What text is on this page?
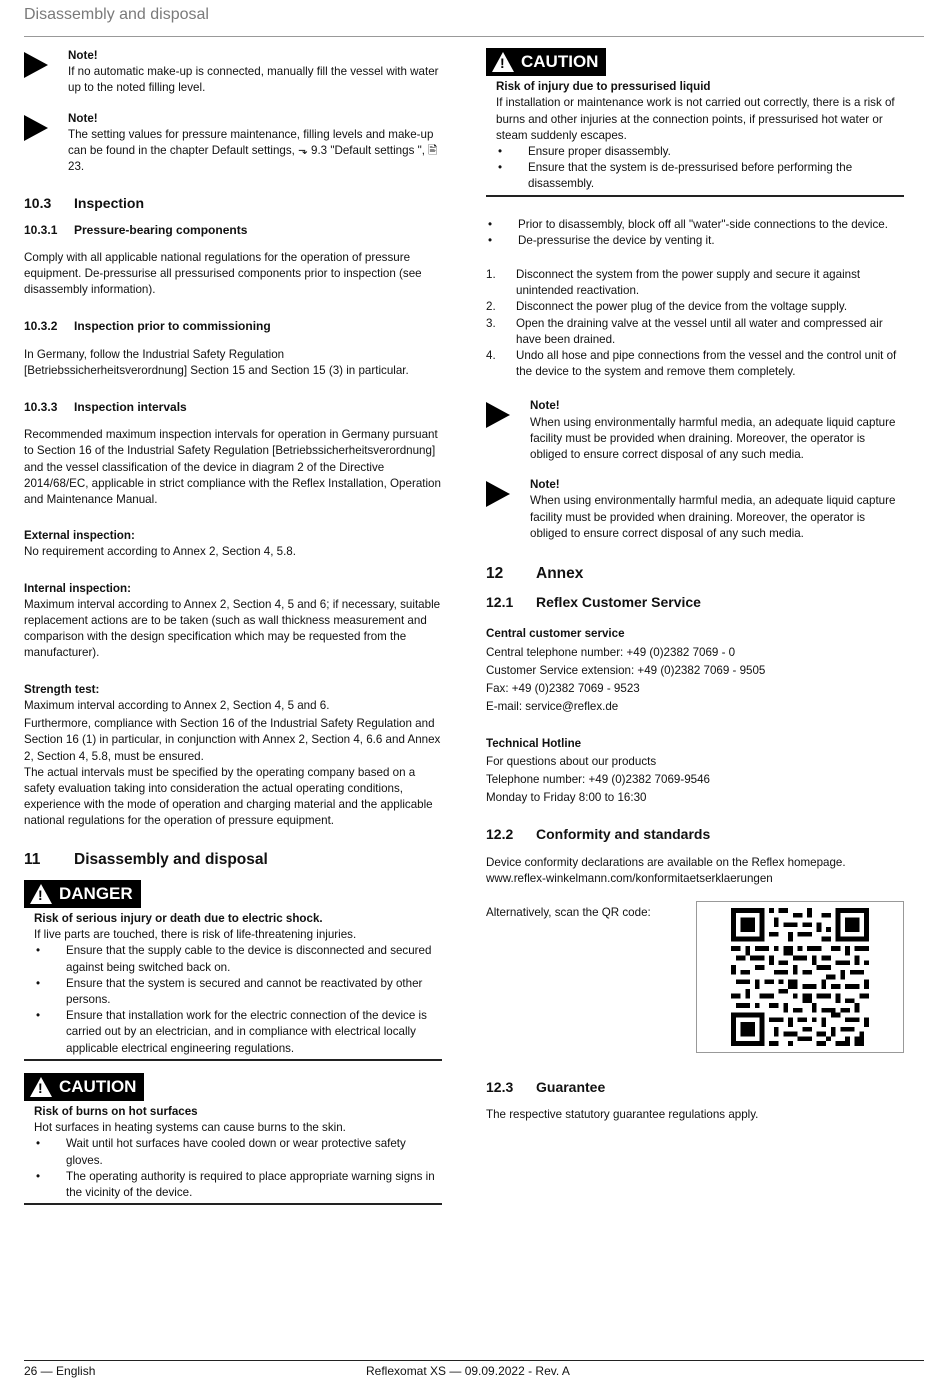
Disassembly and disposal
Note!

If no automatic make-up is connected, manually fill the vessel with water up to the noted filling level.

Note!

The setting values for pressure maintenance, filling levels and make-up can be found in the chapter Default settings, ⬎ 9.3 "Default settings ", 🖹 23.

10.3	Inspection
10.3.1	Pressure-bearing components

Comply with all applicable national regulations for the operation of pressure equipment. De-pressurise all pressurised components prior to inspection (see disassembly information).

10.3.2	Inspection prior to commissioning

In Germany, follow the Industrial Safety Regulation [Betriebssicherheitsverordnung] Section 15 and Section 15 (3) in particular.

10.3.3	Inspection intervals

Recommended maximum inspection intervals for operation in Germany pursuant to Section 16 of the Industrial Safety Regulation [Betriebssicherheitsverordnung] and the vessel classification of the device in diagram 2 of the Directive 2014/68/EC, applicable in strict compliance with the Reflex Installation, Operation and Maintenance Manual.

External inspection:

No requirement according to Annex 2, Section 4, 5.8.

Internal inspection:

Maximum interval according to Annex 2, Section 4, 5 and 6; if necessary, suitable replacement actions are to be taken (such as wall thickness measurement and comparison with the design specification which may be requested from the manufacturer).

Strength test:

Maximum interval according to Annex 2, Section 4, 5 and 6.

Furthermore, compliance with Section 16 of the Industrial Safety Regulation and Section 16 (1) in particular, in conjunction with Annex 2, Section 4, 6.6 and Annex 2, Section 4, 5.8, must be ensured.

The actual intervals must be specified by the operating company based on a safety evaluation taking into consideration the actual operating conditions, experience with the mode of operation and charging material and the applicable national regulations for the operation of pressure equipment.

11	Disassembly and disposal
!
DANGER
Risk of serious injury or death due to electric shock.

If live parts are touched, there is risk of life-threatening injuries.

•	Ensure that the supply cable to the device is disconnected and secured against being switched back on.
•	Ensure that the system is secured and cannot be reactivated by other persons.
•	Ensure that installation work for the electric connection of the device is carried out by an electrician, and in compliance with electrical locally applicable electrical engineering regulations.
!
CAUTION
Risk of burns on hot surfaces

Hot surfaces in heating systems can cause burns to the skin.

•	Wait until hot surfaces have cooled down or wear protective safety gloves.
•	The operating authority is required to place appropriate warning signs in the vicinity of the device.
!
CAUTION
Risk of injury due to pressurised liquid

If installation or maintenance work is not carried out correctly, there is a risk of burns and other injuries at the connection points, if pressurised hot water or steam suddenly escapes.

•	Ensure proper disassembly.
•	Ensure that the system is de-pressurised before performing the disassembly.
•	Prior to disassembly, block off all "water"-side connections to the device.
•	De-pressurise the device by venting it.
1.	Disconnect the system from the power supply and secure it against unintended reactivation.
2.	Disconnect the power plug of the device from the voltage supply.
3.	Open the draining valve at the vessel until all water and compressed air have been drained.
4.	Undo all hose and pipe connections from the vessel and the control unit of the device to the system and remove them completely.
Note!

When using environmentally harmful media, an adequate liquid capture facility must be provided when draining. Moreover, the operator is obliged to ensure correct disposal of any such media.

Note!

When using environmentally harmful media, an adequate liquid capture facility must be provided when draining. Moreover, the operator is obliged to ensure correct disposal of any such media.

12	Annex
12.1	Reflex Customer Service
Central customer service
Central telephone number: +49 (0)2382 7069 - 0
Customer Service extension: +49 (0)2382 7069 - 9505
Fax: +49 (0)2382 7069 - 9523
E-mail: service@reflex.de
Technical Hotline
For questions about our products
Telephone number: +49 (0)2382 7069-9546
Monday to Friday 8:00 to 16:30
12.2	Conformity and standards

Device conformity declarations are available on the Reflex homepage.

www.reflex-winkelmann.com/konformitaetserklaerungen

Alternatively, scan the QR code:
12.3	Guarantee

The respective statutory guarantee regulations apply.

26 — English	Reflexomat XS — 09.09.2022 - Rev. A
